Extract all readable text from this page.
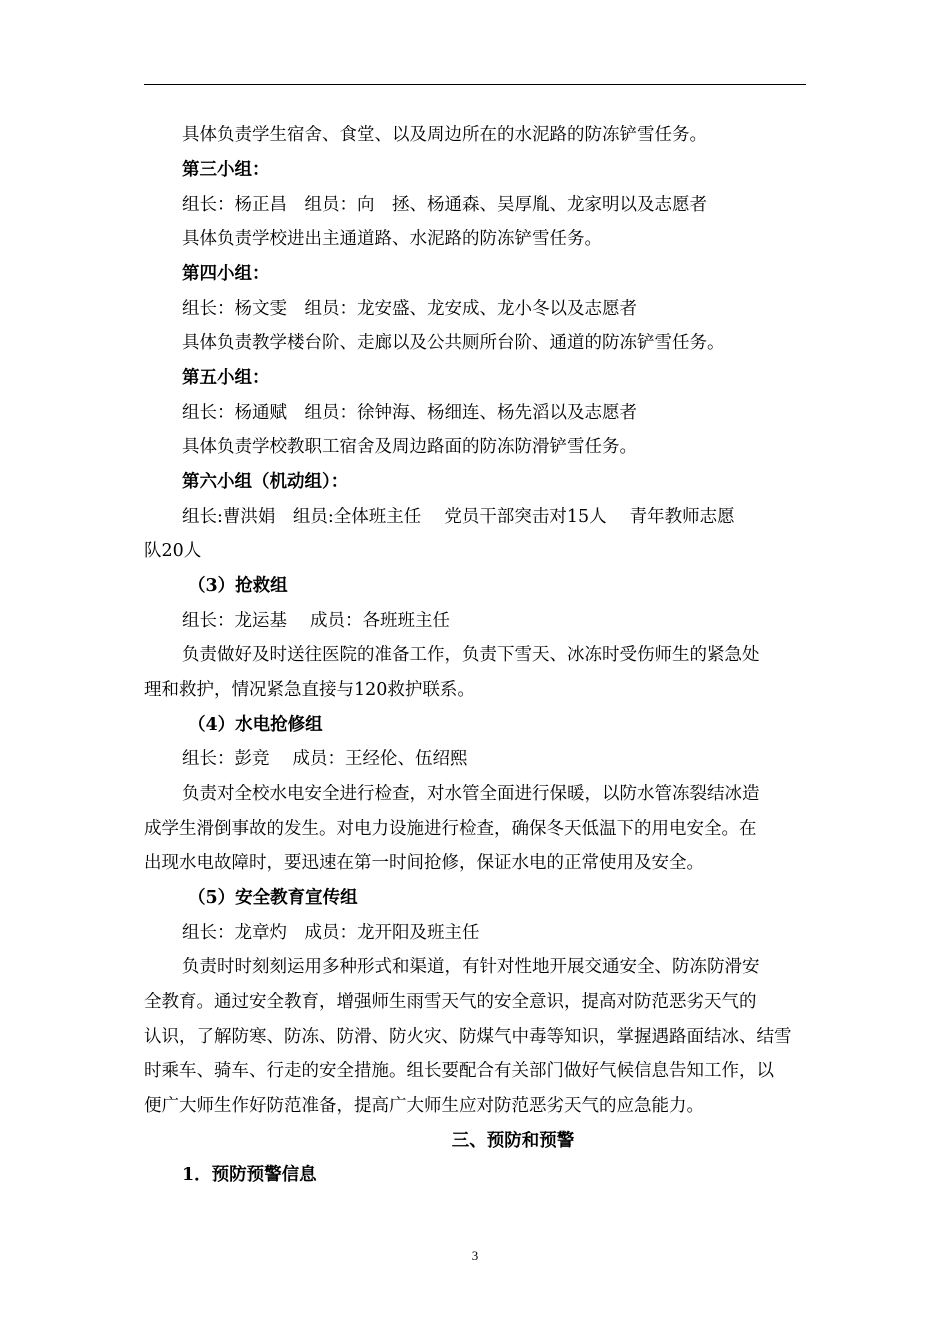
具体负责学生宿舍、食堂、以及周边所在的水泥路的防冻铲雪任务。
第三小组：
组长：杨正昌　组员：向　拯、杨通森、吴厚胤、龙家明以及志愿者
具体负责学校进出主通道路、水泥路的防冻铲雪任务。
第四小组：
组长：杨文雯　组员：龙安盛、龙安成、龙小冬以及志愿者
具体负责教学楼台阶、走廊以及公共厕所台阶、通道的防冻铲雪任务。
第五小组：
组长：杨通赋　组员：徐钟海、杨细连、杨先滔以及志愿者
具体负责学校教职工宿舍及周边路面的防冻防滑铲雪任务。
第六小组（机动组）：
组长:曹洪娟　组员:全体班主任　 党员干部突击对15人　 青年教师志愿
队20人
（3）抢救组
组长：龙运基　 成员：各班班主任
负责做好及时送往医院的准备工作，负责下雪天、冰冻时受伤师生的紧急处
理和救护，情况紧急直接与120救护联系。
（4）水电抢修组
组长：彭竞　 成员：王经伦、伍绍熙
负责对全校水电安全进行检查，对水管全面进行保暖，以防水管冻裂结冰造
成学生滑倒事故的发生。对电力设施进行检查，确保冬天低温下的用电安全。在
出现水电故障时，要迅速在第一时间抢修，保证水电的正常使用及安全。
（5）安全教育宣传组
组长：龙章灼　成员：龙开阳及班主任
负责时时刻刻运用多种形式和渠道，有针对性地开展交通安全、防冻防滑安
全教育。通过安全教育，增强师生雨雪天气的安全意识，提高对防范恶劣天气的
认识，了解防寒、防冻、防滑、防火灾、防煤气中毒等知识，掌握遇路面结冰、结雪
时乘车、骑车、行走的安全措施。组长要配合有关部门做好气候信息告知工作，以
便广大师生作好防范准备，提高广大师生应对防范恶劣天气的应急能力。
三、预防和预警
1．预防预警信息
3
